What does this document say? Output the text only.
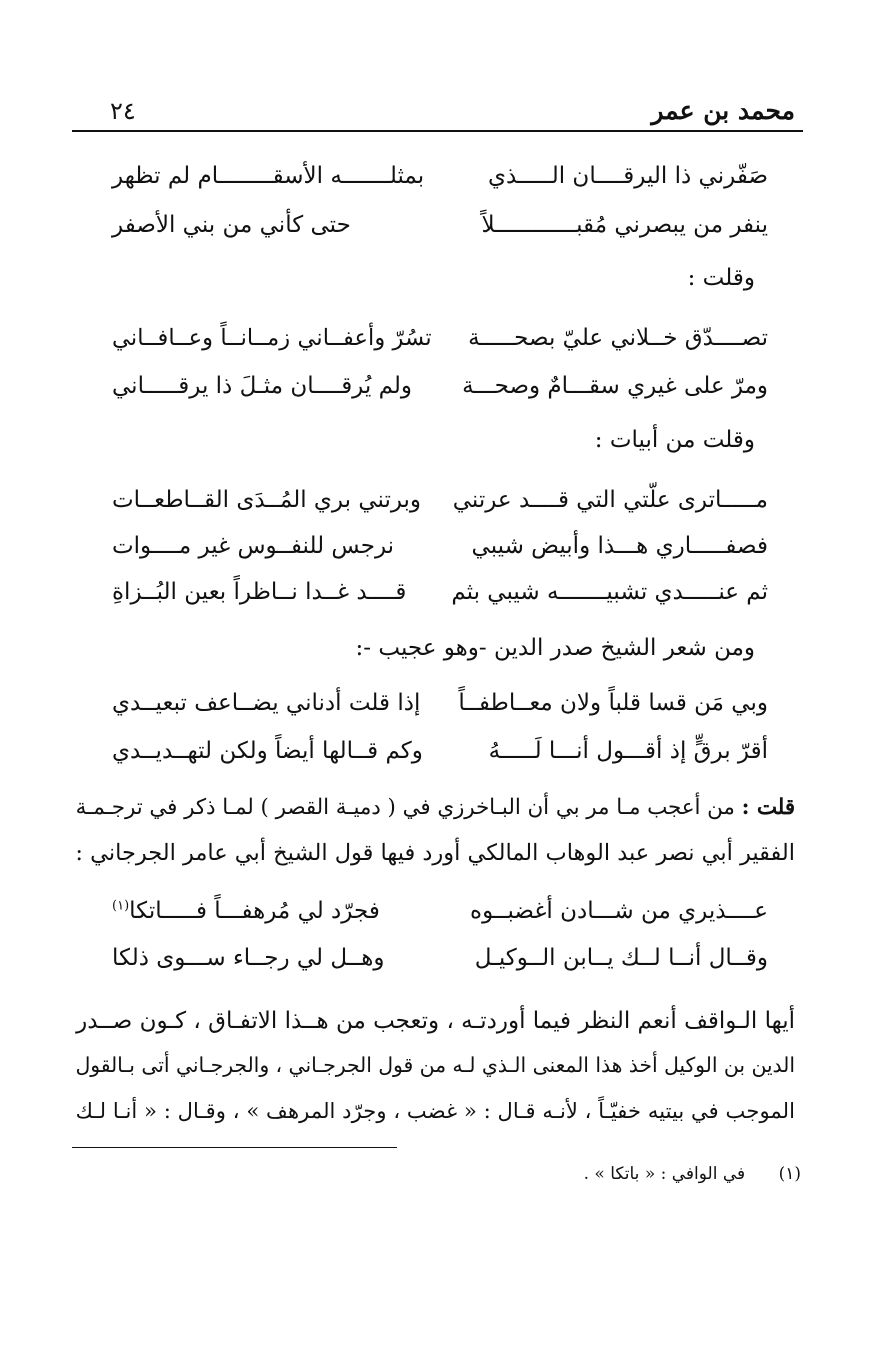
محمد بن عمر
٢٤
صَفّرني ذا اليرقــــان الـــــذي
بمثلـــــــه الأسقــــــــام لم تظهر
ينفر من يبصرني مُقبــــــــــــلاً
حتى كأني من بني الأصفر
وقلت :
تصــــدّق خــلاني عليّ بصحـــــة
تسُرّ وأعفــاني زمــانــاً وعــافــاني
ومرّ على غيري سقـــامٌ وصحـــة
ولم يُرقــــان مثـلَ ذا يرقـــــاني
وقلت من أبيات :
مـــــاترى علّتي التي قــــد عرتني
وبرتني بري المُــدَى القــاطعــات
فصفـــــاري هـــذا وأبيض شيبي
نرجس للنفــوس غير مــــوات
ثم عنـــــدي تشبيـــــــه شيبي بثم
قــــد غــدا نــاظراً بعين البُــزاةِ
ومن شعر الشيخ صدر الدين -وهو عجيب -:
وبي مَن قسا قلباً ولان معــاطفــاً
إذا قلت أدناني يضــاعف تبعيــدي
أقرّ برقٍّ إذ أقـــول أنـــا لَـــــهُ
وكم قــالها أيضاً ولكن لتهــديــدي
قلت : من أعجب مـا مر بي أن البـاخرزي في ( دميـة القصر ) لمـا ذكر في ترجـمـة
الفقير أبي نصر عبد الوهاب المالكي أورد فيها قول الشيخ أبي عامر الجرجاني :
عــــذيري من شـــادن أغضبــوه
فجرّد لي مُرهفـــاً فـــــاتكا$^{(١)}$
وقــال أنــا لــك يــابن الــوكيـل
وهــل لي رجــاء ســـوى ذلكا
أيها الـواقف أنعم النظر فيما أوردتـه ، وتعجب من هــذا الاتفـاق ، كـون صــدر
الدين بن الوكيل أخذ هذا المعنى الـذي لـه من قول الجرجـاني ، والجرجـاني أتى بـالقول
الموجب في بيتيه خفيّـاً ، لأنـه قـال : « غضب ، وجرّد المرهف » ، وقـال : « أنـا لـك
(١) في الوافي : « باتكا » .
